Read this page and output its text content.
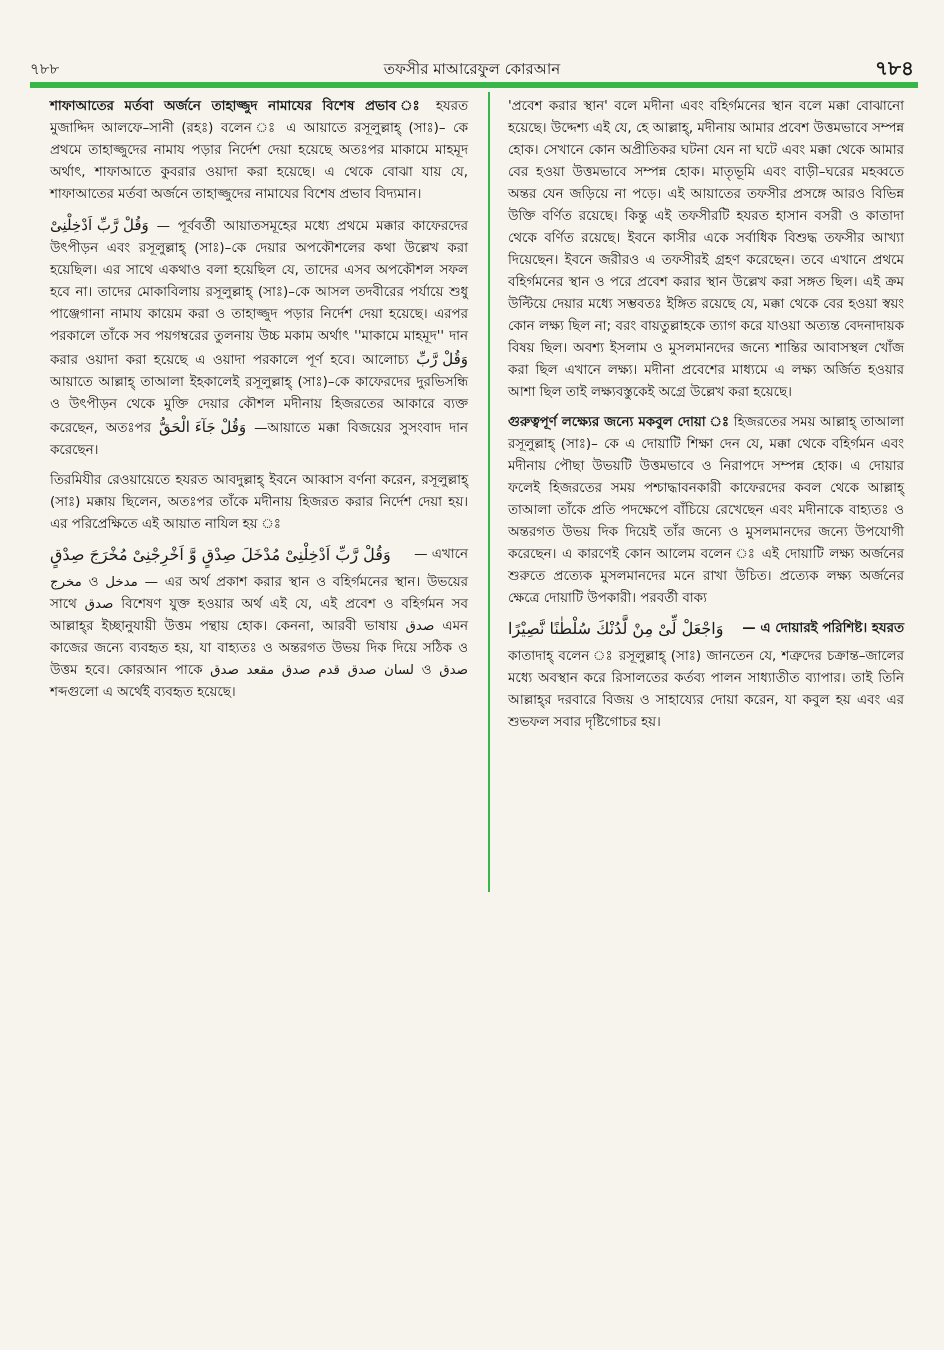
৭৮৮	তফসীর মাআরেফুল কোরআন	৭৮৪

শাফাআতের মর্তবা অর্জনে তাহাজ্জুদ নামাযের বিশেষ প্রভাব ঃ হযরত মুজাদ্দিদ আলফে–সানী (রহঃ) বলেন ঃ এ আয়াতে রসূলুল্লাহ্‌ (সাঃ)– কে প্রথমে তাহাজ্জুদের নামায পড়ার নির্দেশ দেয়া হয়েছে অতঃপর মাকামে মাহমূদ অর্থাৎ, শাফাআতে কুবরার ওয়াদা করা হয়েছে। এ থেকে বোঝা যায় যে, শাফাআতের মর্তবা অর্জনে তাহাজ্জুদের নামাযের বিশেষ প্রভাব বিদ্যমান।

وَقُلْ رَّبِّ اَدْخِلْنِىْ — পূর্ববর্তী আয়াতসমূহের মধ্যে প্রথমে মক্কার কাফেরদের উৎপীড়ন এবং রসূলুল্লাহ্‌ (সাঃ)–কে দেয়ার অপকৌশলের কথা উল্লেখ করা হয়েছিল। এর সাথে একথাও বলা হয়েছিল যে, তাদের এসব অপকৌশল সফল হবে না। তাদের মোকাবিলায় রসূলুল্লাহ্‌ (সাঃ)–কে আসল তদবীরের পর্যায়ে শুধু পাঞ্জেগানা নামায কায়েম করা ও তাহাজ্জুদ পড়ার নির্দেশ দেয়া হয়েছে। এরপর পরকালে তাঁকে সব পয়গম্বরের তুলনায় উচ্চ মকাম অর্থাৎ ''মাকামে মাহমূদ'' দান করার ওয়াদা করা হয়েছে এ ওয়াদা পরকালে পূর্ণ হবে। আলোচ্য وَقُلْ رَّبِّ আয়াতে আল্লাহ্‌ তাআলা ইহকালেই রসূলুল্লাহ্‌ (সাঃ)–কে কাফেরদের দুরভিসন্ধি ও উৎপীড়ন থেকে মুক্তি দেয়ার কৌশল মদীনায় হিজরতের আকারে ব্যক্ত করেছেন, অতঃপর وَقُلْ جَآءَ الْحَقُّ —আয়াতে মক্কা বিজয়ের সুসংবাদ দান করেছেন।

তিরমিযীর রেওয়ায়েতে হযরত আবদুল্লাহ্‌ ইবনে আব্বাস বর্ণনা করেন, রসূলুল্লাহ্‌ (সাঃ) মক্কায় ছিলেন, অতঃপর তাঁকে মদীনায় হিজরত করার নির্দেশ দেয়া হয়। এর পরিপ্রেক্ষিতে এই আয়াত নাযিল হয় ঃ

وَقُلْ رَّبِّ اَدْخِلْنِىْ مُدْخَلَ صِدْقٍ وَّ اَخْرِجْنِىْ مُخْرَجَ صِدْقٍ — এখানে

مخرج ও مدخل — এর অর্থ প্রকাশ করার স্থান ও বহির্গমনের স্থান। উভয়ের সাথে صدق বিশেষণ যুক্ত হওয়ার অর্থ এই যে, এই প্রবেশ ও বহির্গমন সব আল্লাহ্‌র ইচ্ছানুযায়ী উত্তম পন্থায় হোক। কেননা, আরবী ভাষায় صدق এমন কাজের জন্যে ব্যবহৃত হয়, যা বাহ্যতঃ ও অন্তরগত উভয় দিক দিয়ে সঠিক ও উত্তম হবে। কোরআন পাকে لسان صدق قدم صدق مقعد صدق ও صدق শব্দগুলো এ অর্থেই ব্যবহৃত হয়েছে।

'প্রবেশ করার স্থান' বলে মদীনা এবং বহির্গমনের স্থান বলে মক্কা বোঝানো হয়েছে। উদ্দেশ্য এই যে, হে আল্লাহ্‌, মদীনায় আমার প্রবেশ উত্তমভাবে সম্পন্ন হোক। সেখানে কোন অপ্রীতিকর ঘটনা যেন না ঘটে এবং মক্কা থেকে আমার বের হওয়া উত্তমভাবে সম্পন্ন হোক। মাতৃভূমি এবং বাড়ী–ঘরের মহব্বতে অন্তর যেন জড়িয়ে না পড়ে। এই আয়াতের তফসীর প্রসঙ্গে আরও বিভিন্ন উক্তি বর্ণিত রয়েছে। কিন্তু এই তফসীরটি হযরত হাসান বসরী ও কাতাদা থেকে বর্ণিত রয়েছে। ইবনে কাসীর একে সর্বাধিক বিশুদ্ধ তফসীর আখ্যা দিয়েছেন। ইবনে জরীরও এ তফসীরই গ্রহণ করেছেন। তবে এখানে প্রথমে বহির্গমনের স্থান ও পরে প্রবেশ করার স্থান উল্লেখ করা সঙ্গত ছিল। এই ক্রম উল্টিয়ে দেয়ার মধ্যে সম্ভবতঃ ইঙ্গিত রয়েছে যে, মক্কা থেকে বের হওয়া স্বয়ং কোন লক্ষ্য ছিল না; বরং বায়তুল্লাহকে ত্যাগ করে যাওয়া অত্যন্ত বেদনাদায়ক বিষয় ছিল। অবশ্য ইসলাম ও মুসলমানদের জন্যে শান্তির আবাসস্থল খোঁজ করা ছিল এখানে লক্ষ্য। মদীনা প্রবেশের মাধ্যমে এ লক্ষ্য অর্জিত হওয়ার আশা ছিল তাই লক্ষ্যবস্তুকেই অগ্রে উল্লেখ করা হয়েছে।

গুরুত্বপূর্ণ লক্ষ্যের জন্যে মকবুল দোয়া ঃ হিজরতের সময় আল্লাহ্‌ তাআলা রসূলুল্লাহ্‌ (সাঃ)– কে এ দোয়াটি শিক্ষা দেন যে, মক্কা থেকে বহির্গমন এবং মদীনায় পৌছা উভয়টি উত্তমভাবে ও নিরাপদে সম্পন্ন হোক। এ দোয়ার ফলেই হিজরতের সময় পশ্চাদ্ধাবনকারী কাফেরদের কবল থেকে আল্লাহ্‌ তাআলা তাঁকে প্রতি পদক্ষেপে বাঁচিয়ে রেখেছেন এবং মদীনাকে বাহ্যতঃ ও অন্তরগত উভয় দিক দিয়েই তাঁর জন্যে ও মুসলমানদের জন্যে উপযোগী করেছেন। এ কারণেই কোন আলেম বলেন ঃ এই দোয়াটি লক্ষ্য অর্জনের শুরুতে প্রত্যেক মুসলমানদের মনে রাখা উচিত। প্রত্যেক লক্ষ্য অর্জনের ক্ষেত্রে দোয়াটি উপকারী। পরবর্তী বাক্য

وَاجْعَلْ لِّىْ مِنْ لَّدُنْكَ سُلْطٰنًا نَّصِيْرًا — এ দোয়ারই পরিশিষ্ট। হযরত

কাতাদাহ্‌ বলেন ঃ রসূলুল্লাহ্‌ (সাঃ) জানতেন যে, শত্রুদের চক্রান্ত–জালের মধ্যে অবস্থান করে রিসালতের কর্তব্য পালন সাধ্যাতীত ব্যাপার। তাই তিনি আল্লাহ্‌র দরবারে বিজয় ও সাহায্যের দোয়া করেন, যা কবুল হয় এবং এর শুভফল সবার দৃষ্টিগোচর হয়।
